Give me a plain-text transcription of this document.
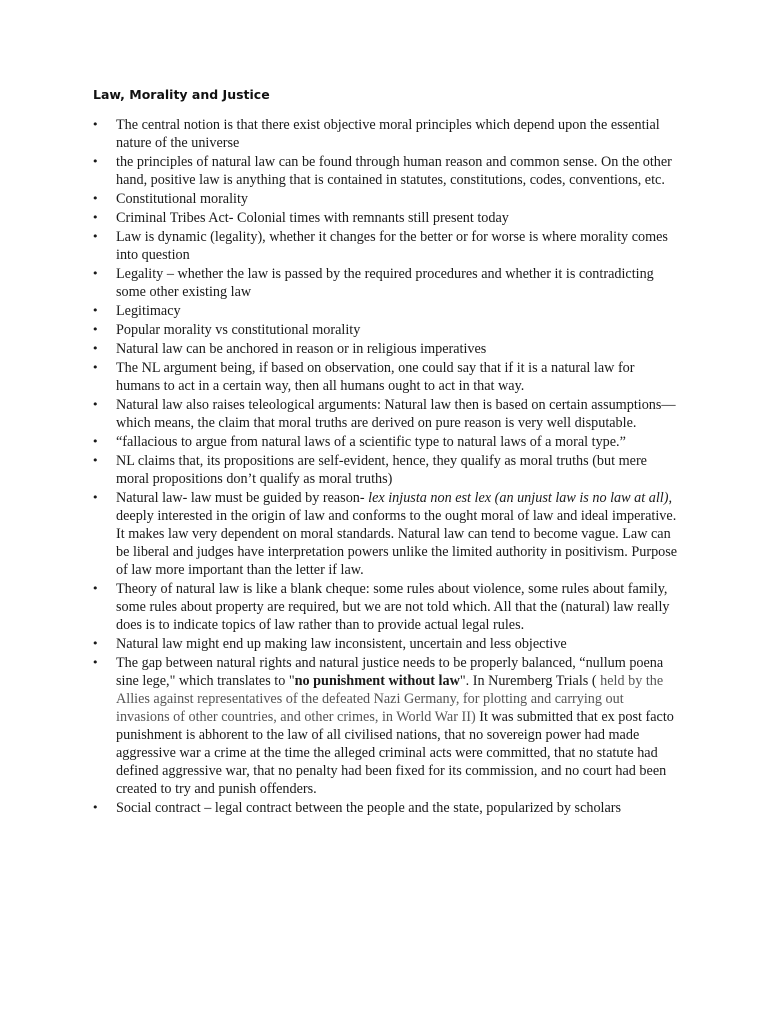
Law, Morality and Justice
• The central notion is that there exist objective moral principles which depend upon the essential nature of the universe
• the principles of natural law can be found through human reason and common sense. On the other hand, positive law is anything that is contained in statutes, constitutions, codes, conventions, etc.
• Constitutional morality
• Criminal Tribes Act- Colonial times with remnants still present today
• Law is dynamic (legality), whether it changes for the better or for worse is where morality comes into question
• Legality – whether the law is passed by the required procedures and whether it is contradicting some other existing law
• Legitimacy
• Popular morality vs constitutional morality
• Natural law can be anchored in reason or in religious imperatives
• The NL argument being, if based on observation, one could say that if it is a natural law for humans to act in a certain way, then all humans ought to act in that way.
• Natural law also raises teleological arguments: Natural law then is based on certain assumptions—which means, the claim that moral truths are derived on pure reason is very well disputable.
• “fallacious to argue from natural laws of a scientific type to natural laws of a moral type.”
• NL claims that, its propositions are self-evident, hence, they qualify as moral truths (but mere moral propositions don’t qualify as moral truths)
• Natural law- law must be guided by reason- lex injusta non est lex (an unjust law is no law at all), deeply interested in the origin of law and conforms to the ought moral of law and ideal imperative. It makes law very dependent on moral standards. Natural law can tend to become vague. Law can be liberal and judges have interpretation powers unlike the limited authority in positivism. Purpose of law more important than the letter if law.
• Theory of natural law is like a blank cheque: some rules about violence, some rules about family, some rules about property are required, but we are not told which. All that the (natural) law really does is to indicate topics of law rather than to provide actual legal rules.
• Natural law might end up making law inconsistent, uncertain and less objective
• The gap between natural rights and natural justice needs to be properly balanced, “nullum poena sine lege," which translates to "no punishment without law". In Nuremberg Trials ( held by the Allies against representatives of the defeated Nazi Germany, for plotting and carrying out invasions of other countries, and other crimes, in World War II) It was submitted that ex post facto punishment is abhorent to the law of all civilised nations, that no sovereign power had made aggressive war a crime at the time the alleged criminal acts were committed, that no statute had defined aggressive war, that no penalty had been fixed for its commission, and no court had been created to try and punish offenders.
• Social contract – legal contract between the people and the state, popularized by scholars
